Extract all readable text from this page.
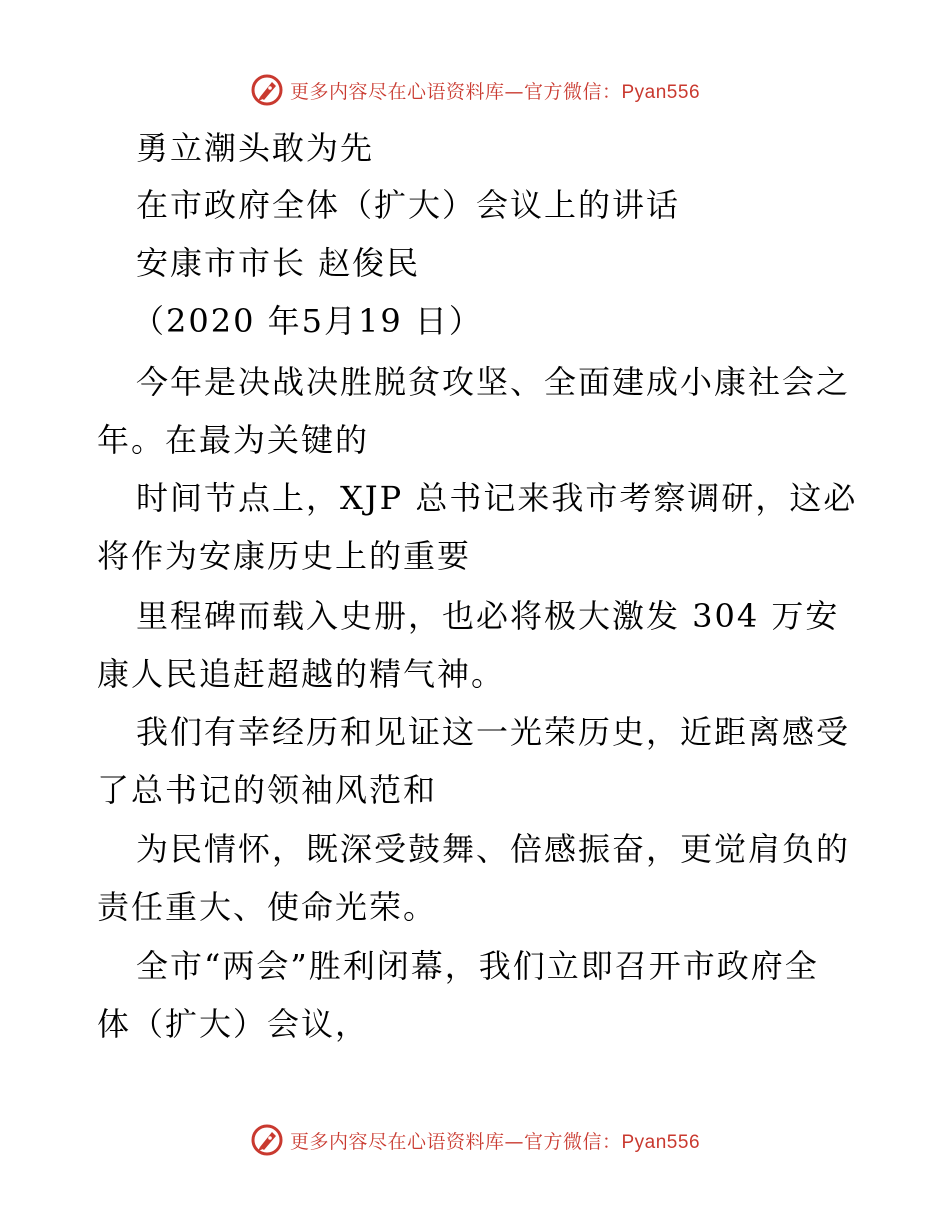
更多内容尽在心语资料库—官方微信：Pyan556
勇立潮头敢为先
在市政府全体（扩大）会议上的讲话
安康市市长 赵俊民
（2020 年5月19 日）
今年是决战决胜脱贫攻坚、全面建成小康社会之
年。在最为关键的
时间节点上，XJP 总书记来我市考察调研，这必
将作为安康历史上的重要
里程碑而载入史册，也必将极大激发 304 万安
康人民追赶超越的精气神。
我们有幸经历和见证这一光荣历史，近距离感受
了总书记的领袖风范和
为民情怀，既深受鼓舞、倍感振奋，更觉肩负的
责任重大、使命光荣。
全市“两会”胜利闭幕，我们立即召开市政府全
体（扩大）会议，
更多内容尽在心语资料库—官方微信：Pyan556
